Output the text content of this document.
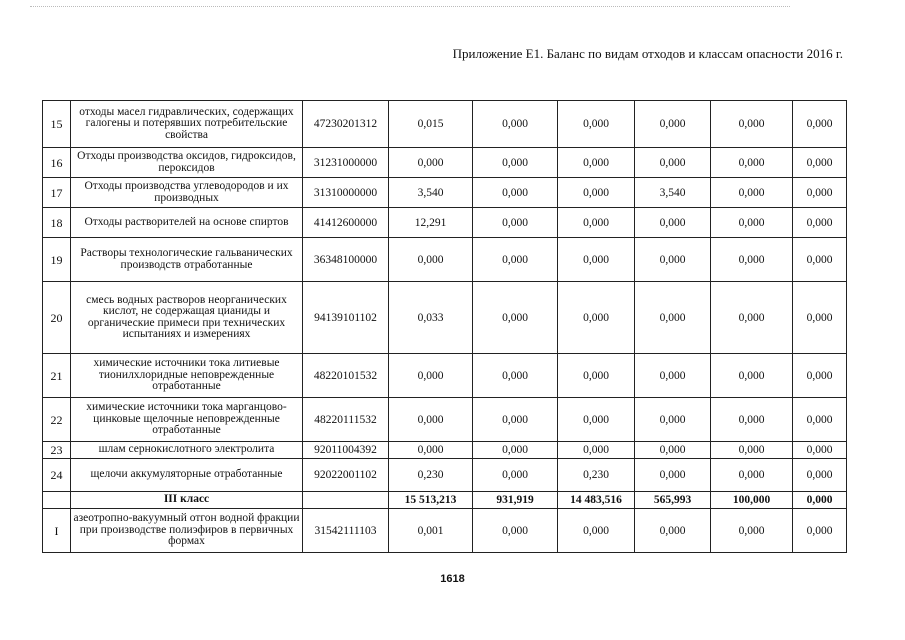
Приложение Е1. Баланс по видам отходов и классам опасности 2016 г.
15	отходы масел гидравлических, содержащих галогены и потерявших потребительские свойства	47230201312	0,015	0,000	0,000	0,000	0,000	0,000
16	Отходы производства оксидов, гидроксидов, пероксидов	31231000000	0,000	0,000	0,000	0,000	0,000	0,000
17	Отходы производства углеводородов и их производных	31310000000	3,540	0,000	0,000	3,540	0,000	0,000
18	Отходы растворителей на основе спиртов	41412600000	12,291	0,000	0,000	0,000	0,000	0,000
19	Растворы технологические гальванических производств отработанные	36348100000	0,000	0,000	0,000	0,000	0,000	0,000
20	смесь водных растворов неорганических кислот, не содержащая цианиды и органические примеси при технических испытаниях и измерениях	94139101102	0,033	0,000	0,000	0,000	0,000	0,000
21	химические источники тока литиевые тионилхлоридные неповрежденные отработанные	48220101532	0,000	0,000	0,000	0,000	0,000	0,000
22	химические источники тока марганцово-цинковые щелочные неповрежденные отработанные	48220111532	0,000	0,000	0,000	0,000	0,000	0,000
23	шлам сернокислотного электролита	92011004392	0,000	0,000	0,000	0,000	0,000	0,000
24	щелочи аккумуляторные отработанные	92022001102	0,230	0,000	0,230	0,000	0,000	0,000
	III класс		15 513,213	931,919	14 483,516	565,993	100,000	0,000
I	азеотропно-вакуумный отгон водной фракции при производстве полиэфиров в первичных формах	31542111103	0,001	0,000	0,000	0,000	0,000	0,000
1618
